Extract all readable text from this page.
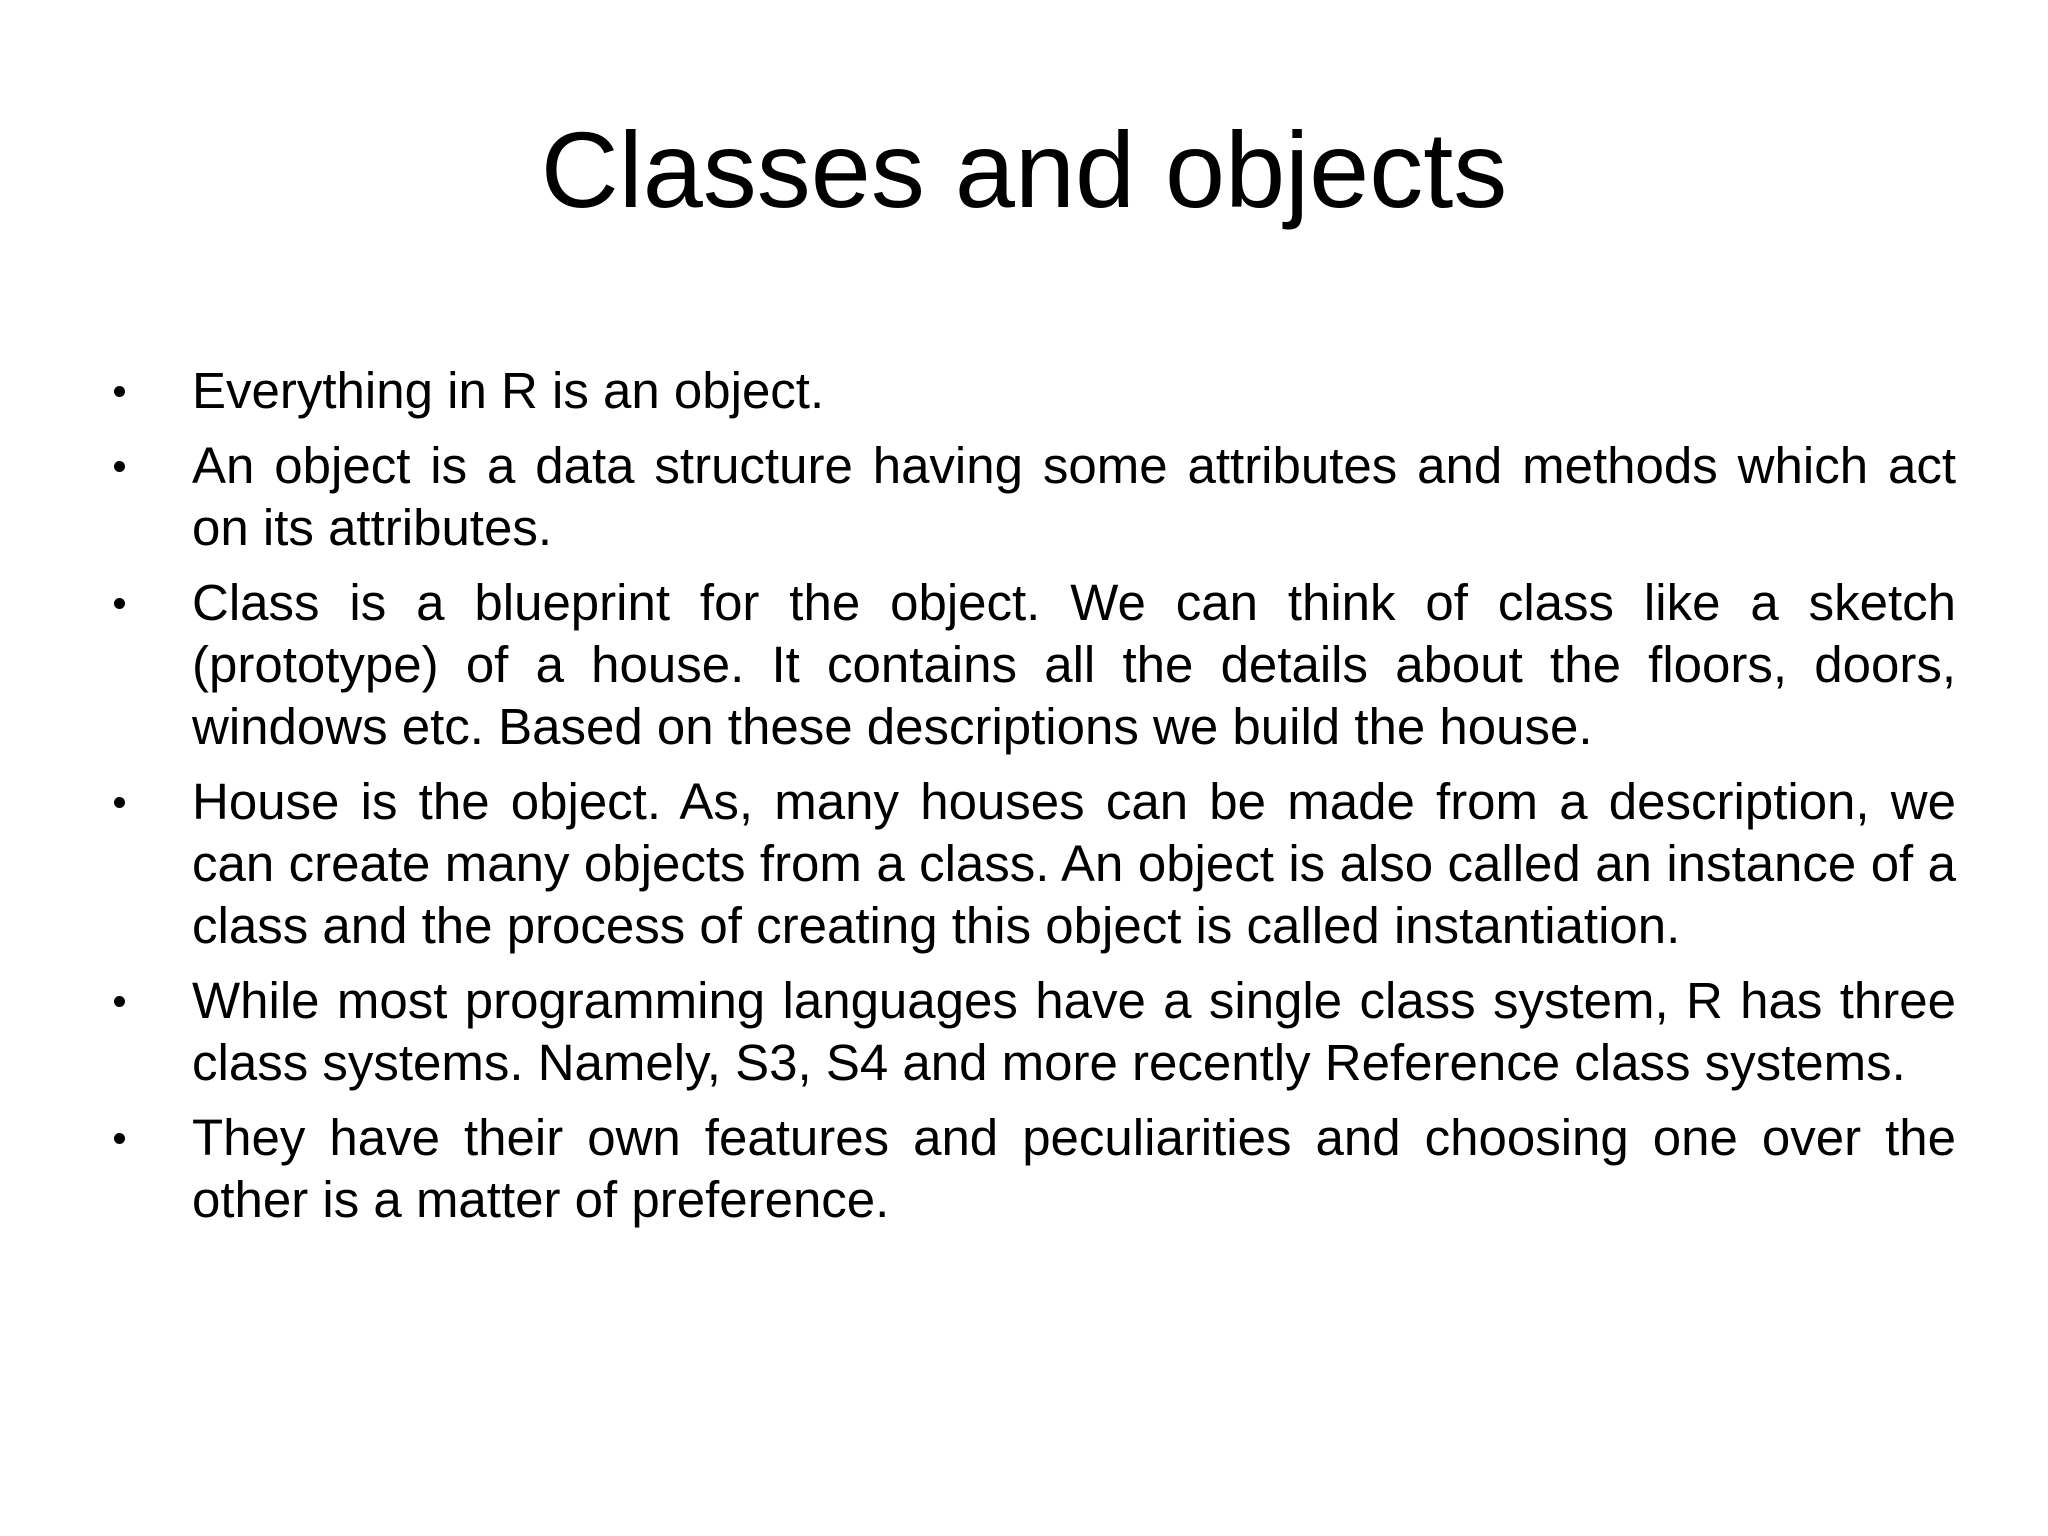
Classes and objects
Everything in R is an object.
An object is a data structure having some attributes and methods which act on its attributes.
Class is a blueprint for the object. We can think of class like a sketch (prototype) of a house. It contains all the details about the floors, doors, windows etc. Based on these descriptions we build the house.
House is the object. As, many houses can be made from a description, we can create many objects from a class. An object is also called an instance of a class and the process of creating this object is called instantiation.
While most programming languages have a single class system, R has three class systems. Namely, S3, S4 and more recently Reference class systems.
They have their own features and peculiarities and choosing one over the other is a matter of preference.
